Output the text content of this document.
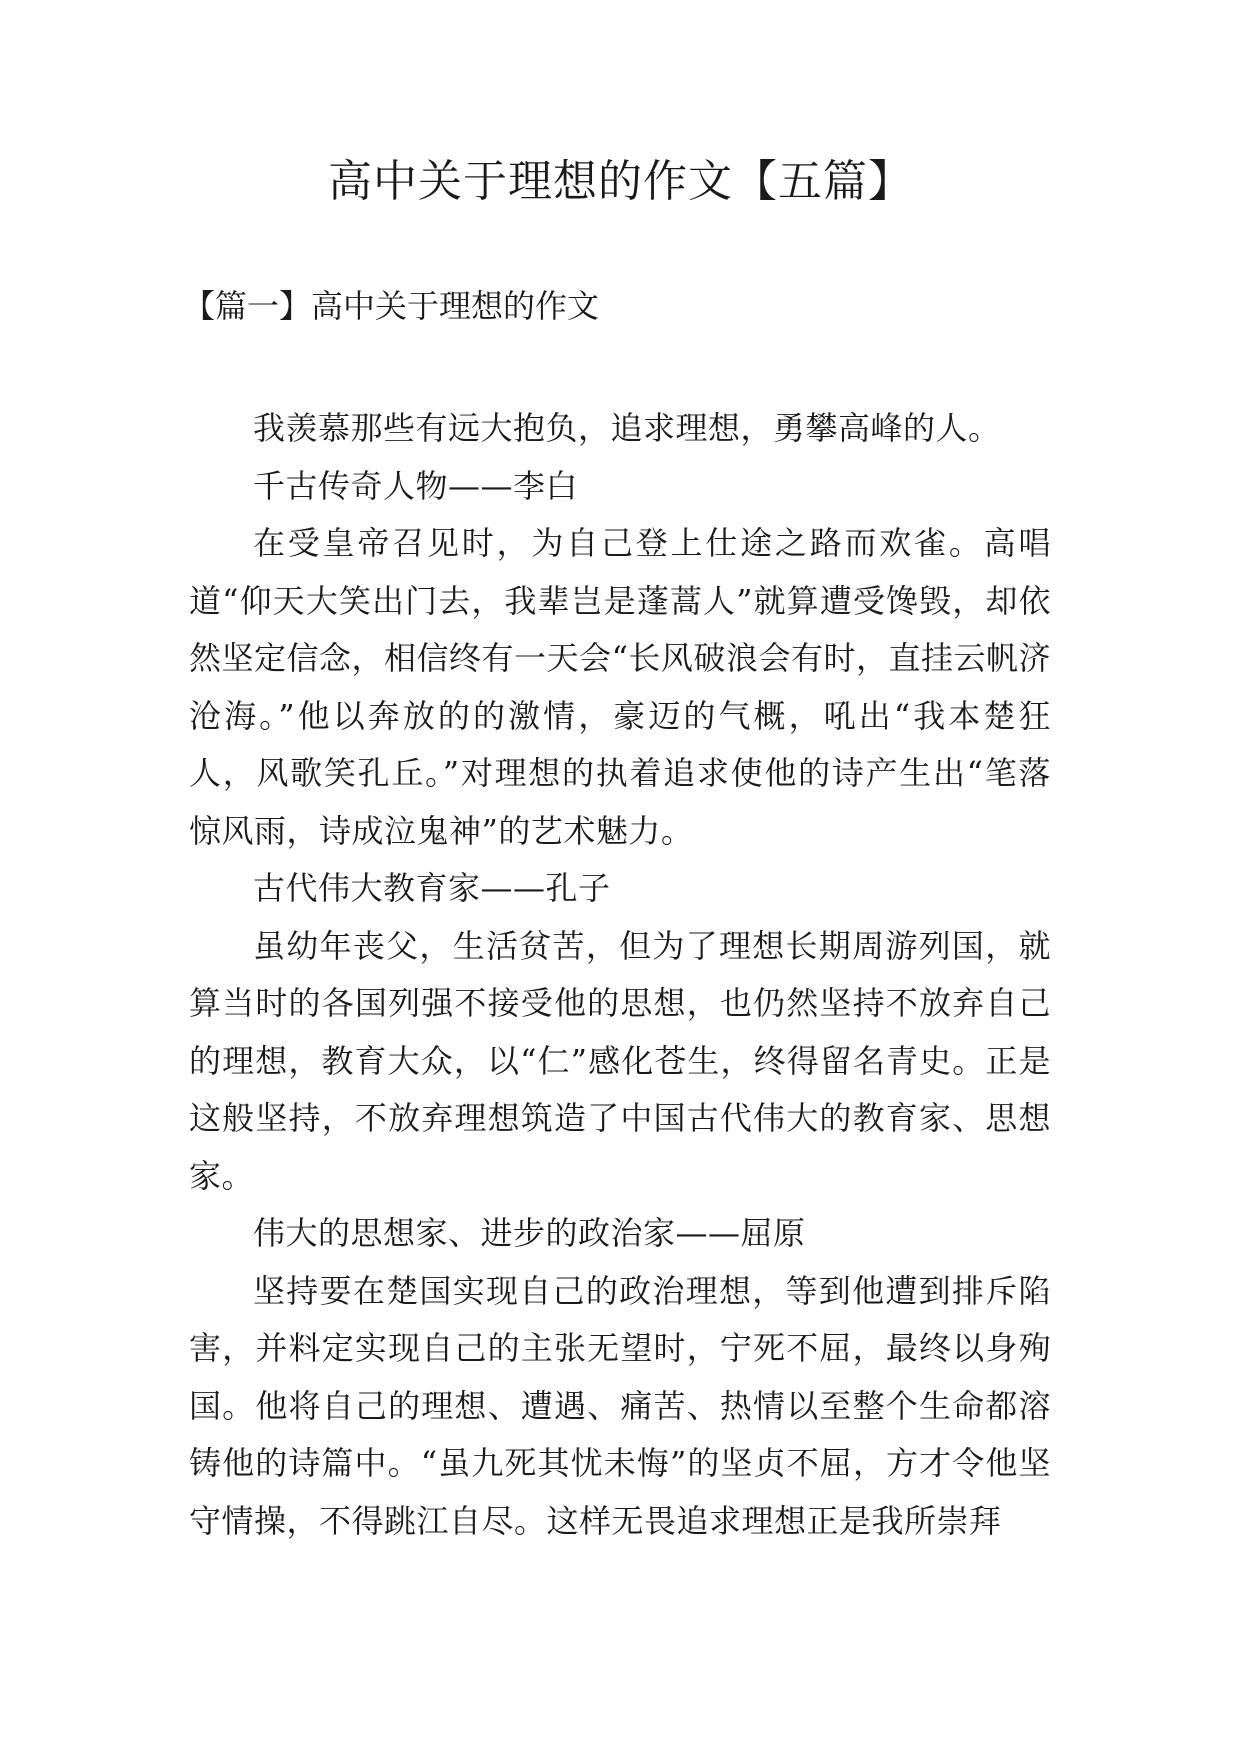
高中关于理想的作文【五篇】
【篇一】高中关于理想的作文

我羡慕那些有远大抱负，追求理想，勇攀高峰的人。

千古传奇人物——李白

在受皇帝召见时，为自己登上仕途之路而欢雀。高唱道“仰天大笑出门去，我辈岂是蓬蒿人”就算遭受馋毁，却依然坚定信念，相信终有一天会“长风破浪会有时，直挂云帆济沧海。”他以奔放的的激情，豪迈的气概，吼出“我本楚狂人，风歌笑孔丘。”对理想的执着追求使他的诗产生出“笔落惊风雨，诗成泣鬼神”的艺术魅力。

古代伟大教育家——孔子

虽幼年丧父，生活贫苦，但为了理想长期周游列国，就算当时的各国列强不接受他的思想，也仍然坚持不放弃自己的理想，教育大众，以“仁”感化苍生，终得留名青史。正是这般坚持，不放弃理想筑造了中国古代伟大的教育家、思想家。

伟大的思想家、进步的政治家——屈原

坚持要在楚国实现自己的政治理想，等到他遭到排斥陷害，并料定实现自己的主张无望时，宁死不屈，最终以身殉国。他将自己的理想、遭遇、痛苦、热情以至整个生命都溶铸他的诗篇中。“虽九死其忧未悔”的坚贞不屈，方才令他坚守情操，不得跳江自尽。这样无畏追求理想正是我所崇拜
